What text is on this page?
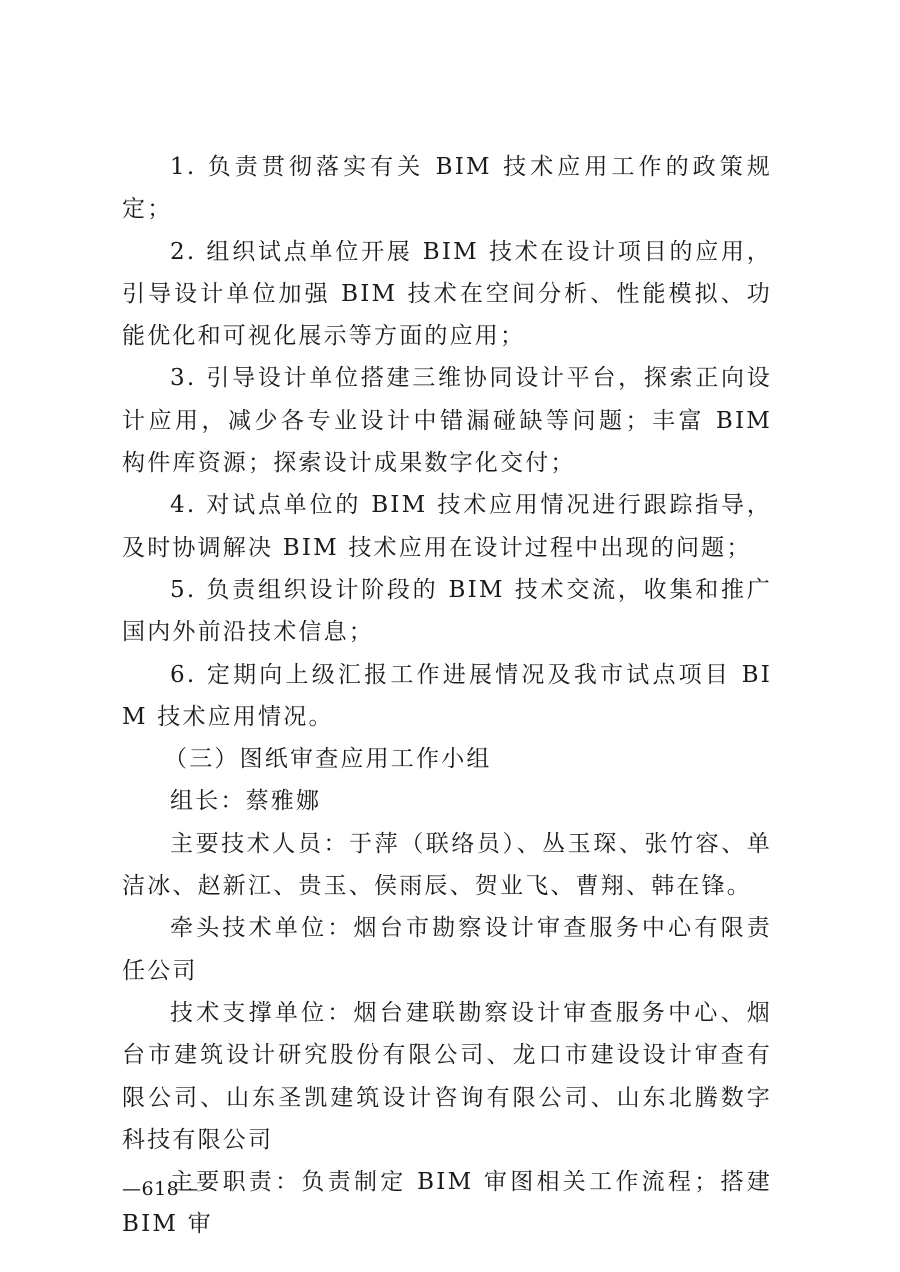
1. 负责贯彻落实有关 BIM 技术应用工作的政策规定；

2. 组织试点单位开展 BIM 技术在设计项目的应用，引导设计单位加强 BIM 技术在空间分析、性能模拟、功能优化和可视化展示等方面的应用；

3. 引导设计单位搭建三维协同设计平台，探索正向设计应用，减少各专业设计中错漏碰缺等问题；丰富 BIM 构件库资源；探索设计成果数字化交付；

4. 对试点单位的 BIM 技术应用情况进行跟踪指导，及时协调解决 BIM 技术应用在设计过程中出现的问题；

5. 负责组织设计阶段的 BIM 技术交流，收集和推广国内外前沿技术信息；

6. 定期向上级汇报工作进展情况及我市试点项目 BIM 技术应用情况。

（三）图纸审查应用工作小组

组长：蔡雅娜

主要技术人员：于萍（联络员）、丛玉琛、张竹容、单洁冰、赵新江、贵玉、侯雨辰、贺业飞、曹翔、韩在锋。

牵头技术单位：烟台市勘察设计审查服务中心有限责任公司

技术支撑单位：烟台建联勘察设计审查服务中心、烟台市建筑设计研究股份有限公司、龙口市建设设计审查有限公司、山东圣凯建筑设计咨询有限公司、山东北腾数字科技有限公司

主要职责：负责制定 BIM 审图相关工作流程；搭建 BIM 审

—618—
